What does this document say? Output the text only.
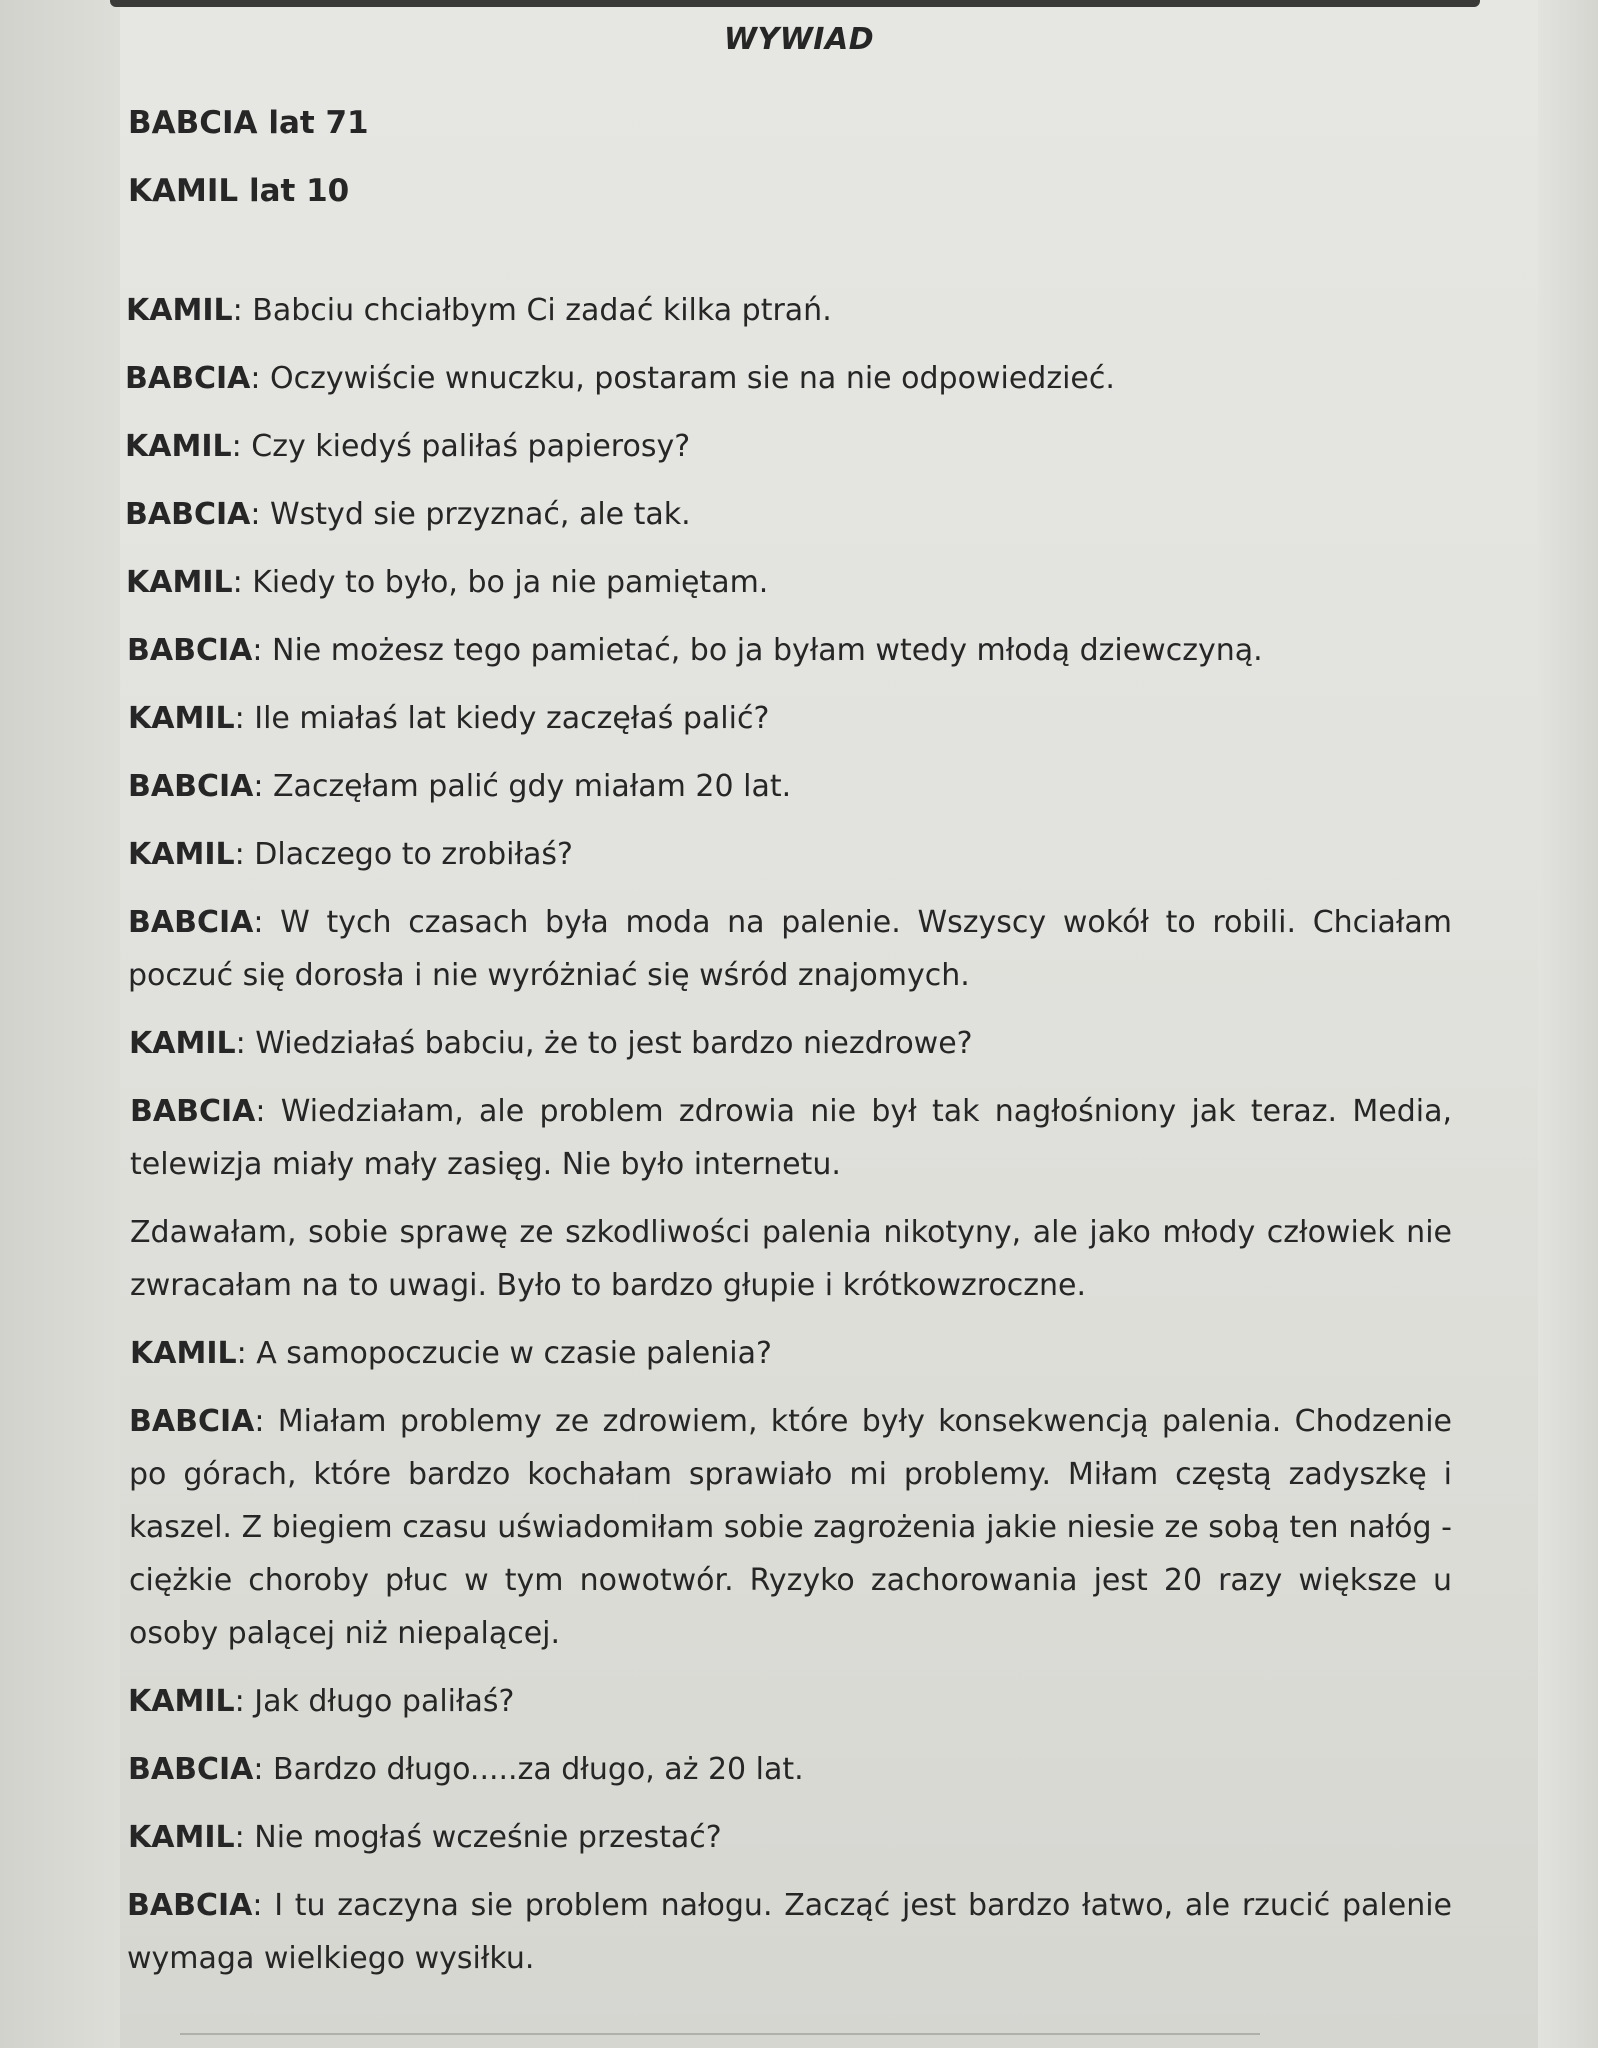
WYWIAD

BABCIA lat 71

KAMIL lat 10

KAMIL: Babciu chciałbym Ci zadać kilka ptrań.

BABCIA: Oczywiście wnuczku, postaram sie na nie odpowiedzieć.

KAMIL: Czy kiedyś paliłaś papierosy?

BABCIA: Wstyd sie przyznać, ale tak.

KAMIL: Kiedy to było, bo ja nie pamiętam.

BABCIA: Nie możesz tego pamietać, bo ja byłam wtedy młodą dziewczyną.

KAMIL: Ile miałaś lat kiedy zaczęłaś palić?

BABCIA: Zaczęłam palić gdy miałam 20 lat.

KAMIL: Dlaczego to zrobiłaś?

BABCIA: W tych czasach była moda na palenie. Wszyscy wokół to robili. Chciałam poczuć się dorosła i nie wyróżniać się wśród znajomych.

KAMIL: Wiedziałaś babciu, że to jest bardzo niezdrowe?

BABCIA: Wiedziałam, ale problem zdrowia nie był tak nagłośniony jak teraz. Media, telewizja miały mały zasięg. Nie było internetu.

Zdawałam, sobie sprawę ze szkodliwości palenia nikotyny, ale jako młody człowiek nie zwracałam na to uwagi. Było to bardzo głupie i krótkowzroczne.

KAMIL: A samopoczucie w czasie palenia?

BABCIA: Miałam problemy ze zdrowiem, które były konsekwencją palenia. Chodzenie po górach, które bardzo kochałam sprawiało mi problemy. Miłam częstą zadyszkę i kaszel. Z biegiem czasu uświadomiłam sobie zagrożenia jakie niesie ze sobą ten nałóg - ciężkie choroby płuc w tym nowotwór. Ryzyko zachorowania jest 20 razy większe u osoby palącej niż niepalącej.

KAMIL: Jak długo paliłaś?

BABCIA: Bardzo długo.....za długo, aż 20 lat.

KAMIL: Nie mogłaś wcześnie przestać?

BABCIA: I tu zaczyna sie problem nałogu. Zacząć jest bardzo łatwo, ale rzucić palenie wymaga wielkiego wysiłku.
